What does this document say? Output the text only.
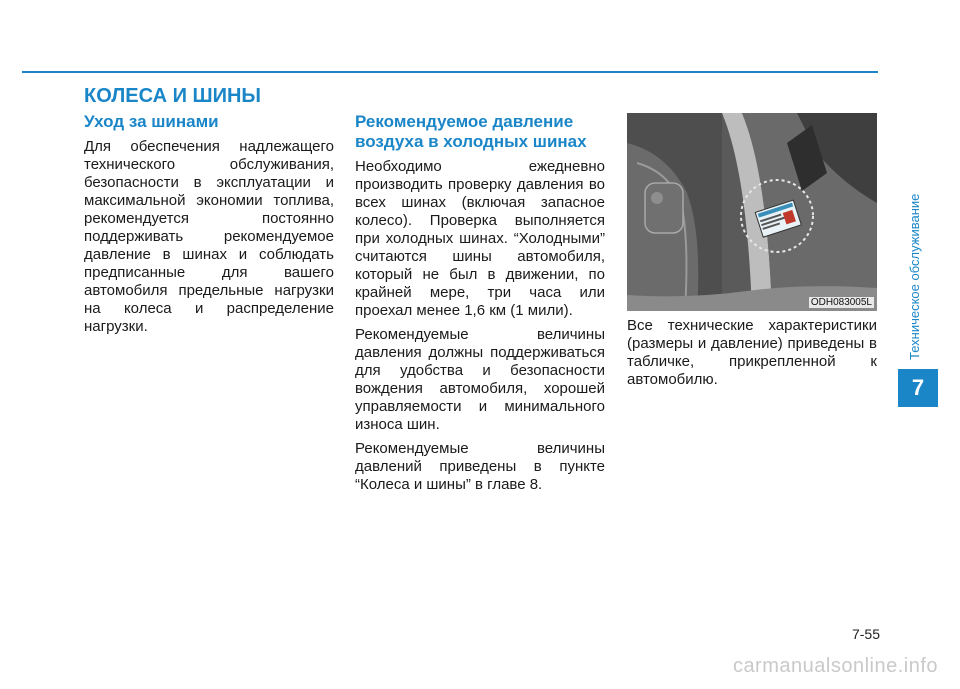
КОЛЕСА И ШИНЫ
Уход за шинами

Для обеспечения надлежащего технического обслуживания, безопасности в эксплуатации и максимальной экономии топлива, рекомендуется постоянно поддерживать рекомендуемое давление в шинах и соблюдать предписанные для вашего автомобиля предельные нагрузки на колеса и распределение нагрузки.

Рекомендуемое давление воздуха в холодных шинах

Необходимо ежедневно производить проверку давления во всех шинах (включая запасное колесо). Проверка выполняется при холодных шинах. “Холодными” считаются шины автомобиля, который не был в движении, по крайней мере, три часа или проехал менее 1,6 км (1 мили).

Рекомендуемые величины давления должны поддерживаться для удобства и безопасности вождения автомобиля, хорошей управляемости и минимального износа шин.

Рекомендуемые величины давлений приведены в пункте “Колеса и шины” в главе 8.

ODH083005L

Все технические характеристики (размеры и давление) приведены в табличке, прикрепленной к автомобилю.

Техническое обслуживание
7
7-55
carmanualsonline.info
